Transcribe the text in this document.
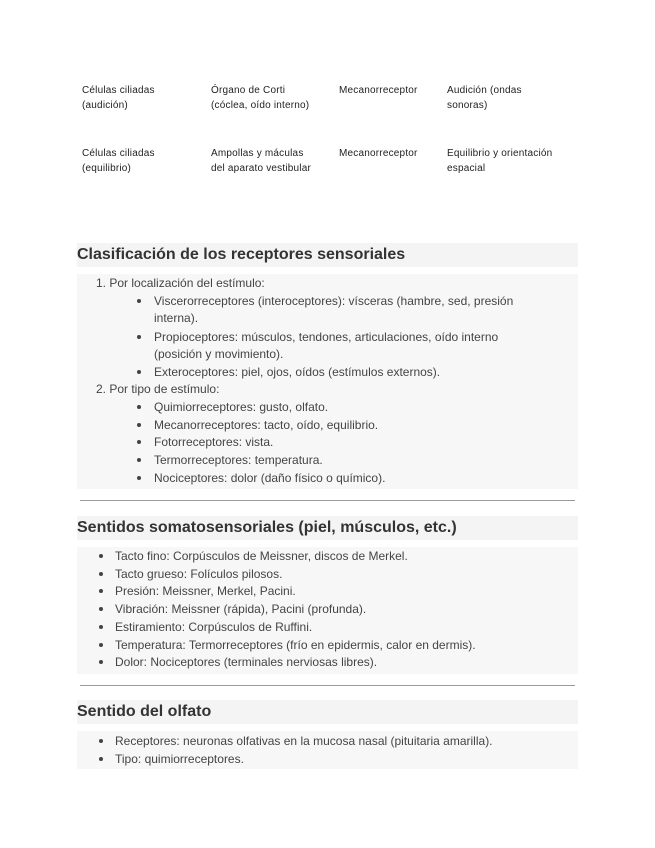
Células ciliadas
(audición)
Órgano de Corti
(cóclea, oído interno)
Mecanorreceptor	Audición (ondas
sonoras)
Células ciliadas
(equilibrio)
Ampollas y máculas
del aparato vestibular
Mecanorreceptor	Equilibrio y orientación
espacial
Clasificación de los receptores sensoriales
1. Por localización del estímulo:
Viscerorreceptores (interoceptores): vísceras (hambre, sed, presión
interna).
Propioceptores: músculos, tendones, articulaciones, oído interno
(posición y movimiento).
Exteroceptores: piel, ojos, oídos (estímulos externos).
2. Por tipo de estímulo:
Quimiorreceptores: gusto, olfato.
Mecanorreceptores: tacto, oído, equilibrio.
Fotorreceptores: vista.
Termorreceptores: temperatura.
Nociceptores: dolor (daño físico o químico).
Sentidos somatosensoriales (piel, músculos, etc.)
Tacto fino: Corpúsculos de Meissner, discos de Merkel.
Tacto grueso: Folículos pilosos.
Presión: Meissner, Merkel, Pacini.
Vibración: Meissner (rápida), Pacini (profunda).
Estiramiento: Corpúsculos de Ruffini.
Temperatura: Termorreceptores (frío en epidermis, calor en dermis).
Dolor: Nociceptores (terminales nerviosas libres).
Sentido del olfato
Receptores: neuronas olfativas en la mucosa nasal (pituitaria amarilla).
Tipo: quimiorreceptores.
